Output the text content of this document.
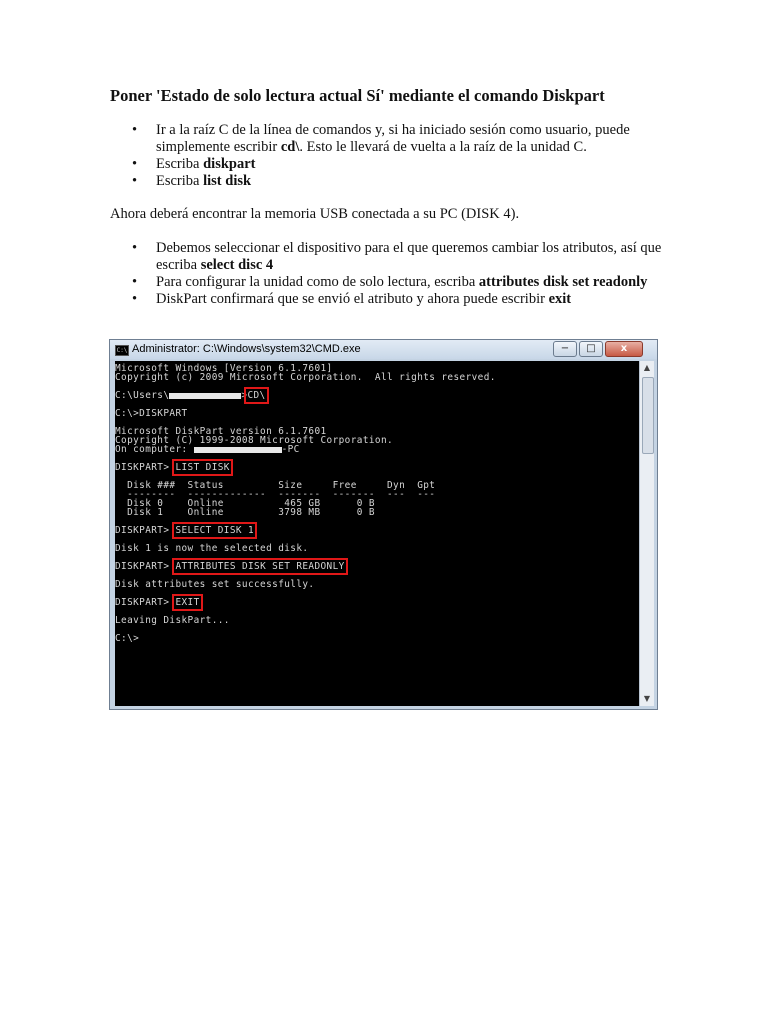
Poner 'Estado de solo lectura actual Sí' mediante el comando Diskpart
• Ir a la raíz C de la línea de comandos y, si ha iniciado sesión como usuario, puede simplemente escribir cd\. Esto le llevará de vuelta a la raíz de la unidad C.
• Escriba diskpart
• Escriba list disk

Ahora deberá encontrar la memoria USB conectada a su PC (DISK 4).

• Debemos seleccionar el dispositivo para el que queremos cambiar los atributos, así que escriba select disc 4
• Para configurar la unidad como de solo lectura, escriba attributes disk set readonly
• DiskPart confirmará que se envió el atributo y ahora puede escribir exit
C:\ Administrator: C:\Windows\system32\CMD.exe	−	□	x
Microsoft Windows [Version 6.1.7601]
Copyright (c) 2009 Microsoft Corporation.  All rights reserved.
C:\Users\	>CD\
C:\>DISKPART
Microsoft DiskPart version 6.1.7601
Copyright (C) 1999-2008 Microsoft Corporation.
On computer:	-PC
DISKPART> LIST DISK
Disk ###  Status         Size     Free     Dyn  Gpt
--------  -------------  -------  -------  ---  ---
Disk 0    Online          465 GB      0 B
Disk 1    Online         3798 MB      0 B
DISKPART> SELECT DISK 1
Disk 1 is now the selected disk.
DISKPART> ATTRIBUTES DISK SET READONLY
Disk attributes set successfully.
DISKPART> EXIT
Leaving DiskPart...
C:\>
▲
▼
